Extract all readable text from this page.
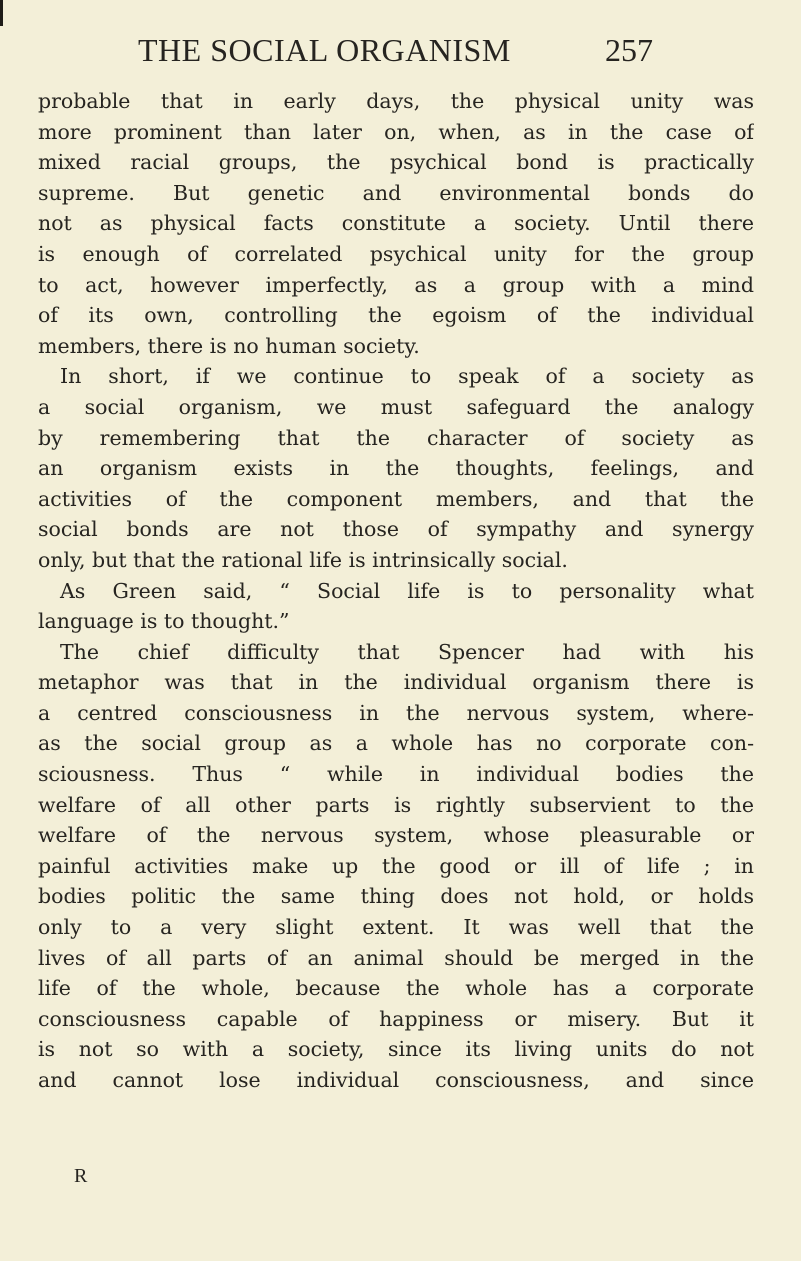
THE SOCIAL ORGANISM	257
probable that in early days, the physical unity was
more prominent than later on, when, as in the case of
mixed racial groups, the psychical bond is practically
supreme. But genetic and environmental bonds do
not as physical facts constitute a society. Until there
is enough of correlated psychical unity for the group
to act, however imperfectly, as a group with a mind
of its own, controlling the egoism of the individual
members, there is no human society.
In short, if we continue to speak of a society as
a social organism, we must safeguard the analogy
by remembering that the character of society as
an organism exists in the thoughts, feelings, and
activities of the component members, and that the
social bonds are not those of sympathy and synergy
only, but that the rational life is intrinsically social.
As Green said, “ Social life is to personality what
language is to thought.”
The chief difficulty that Spencer had with his
metaphor was that in the individual organism there is
a centred consciousness in the nervous system, where-
as the social group as a whole has no corporate con-
sciousness. Thus “ while in individual bodies the
welfare of all other parts is rightly subservient to the
welfare of the nervous system, whose pleasurable or
painful activities make up the good or ill of life ; in
bodies politic the same thing does not hold, or holds
only to a very slight extent. It was well that the
lives of all parts of an animal should be merged in the
life of the whole, because the whole has a corporate
consciousness capable of happiness or misery. But it
is not so with a society, since its living units do not
and cannot lose individual consciousness, and since
R
